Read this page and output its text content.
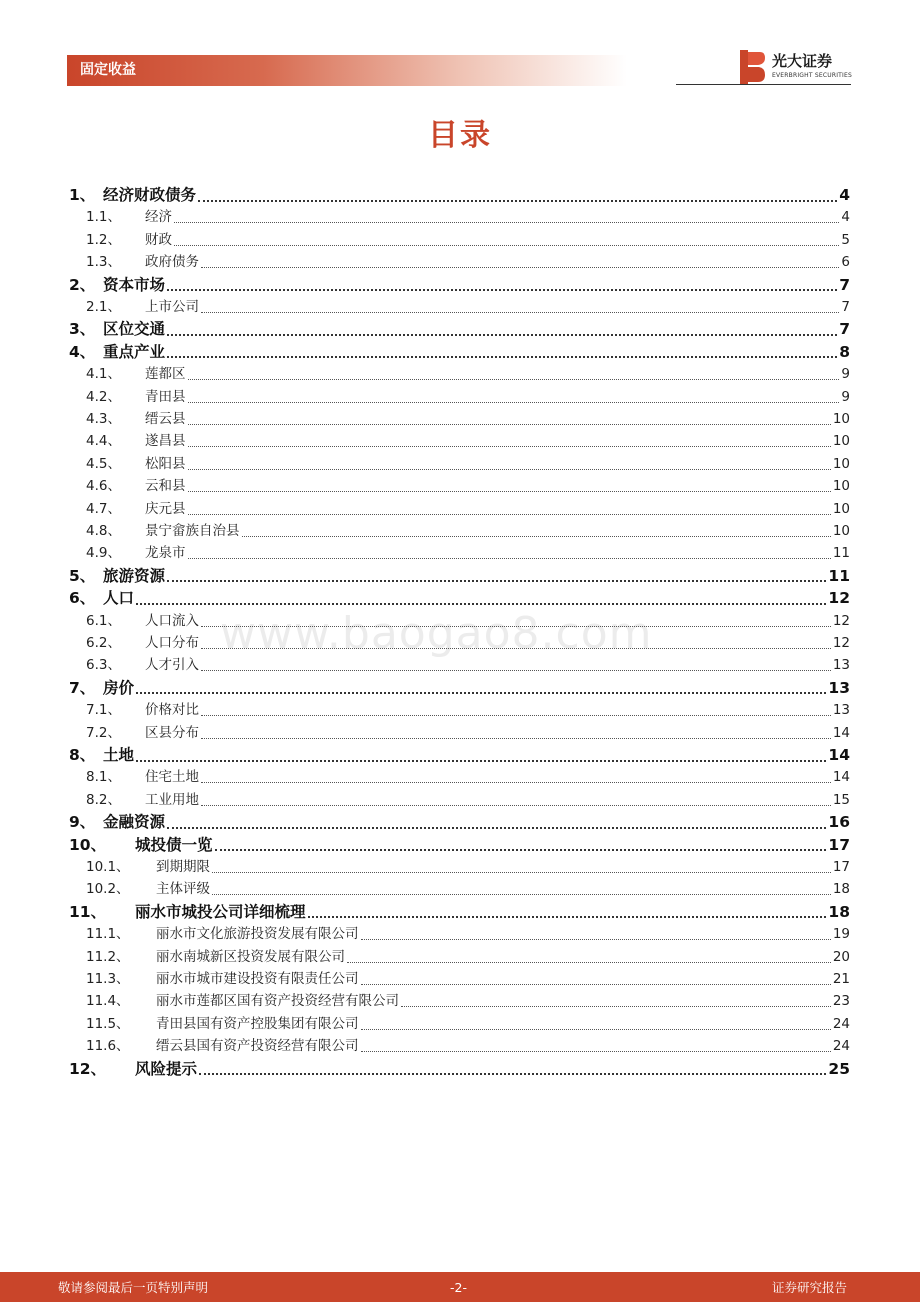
固定收益	光大证券
EVERBRIGHT SECURITIES
目录
www.baogao8.com
1、 经济财政债务	4
1.1、	经济	4
1.2、	财政	5
1.3、	政府债务	6
2、 资本市场	7
2.1、	上市公司	7
3、 区位交通	7
4、 重点产业	8
4.1、	莲都区	9
4.2、	青田县	9
4.3、	缙云县	10
4.4、	遂昌县	10
4.5、	松阳县	10
4.6、	云和县	10
4.7、	庆元县	10
4.8、	景宁畲族自治县	10
4.9、	龙泉市	11
5、 旅游资源	11
6、 人口	12
6.1、	人口流入	12
6.2、	人口分布	12
6.3、	人才引入	13
7、 房价	13
7.1、	价格对比	13
7.2、	区县分布	14
8、 土地	14
8.1、	住宅土地	14
8.2、	工业用地	15
9、 金融资源	16
10、	城投债一览	17
10.1、	到期期限	17
10.2、	主体评级	18
11、	丽水市城投公司详细梳理	18
11.1、	丽水市文化旅游投资发展有限公司	19
11.2、	丽水南城新区投资发展有限公司	20
11.3、	丽水市城市建设投资有限责任公司	21
11.4、	丽水市莲都区国有资产投资经营有限公司	23
11.5、	青田县国有资产控股集团有限公司	24
11.6、	缙云县国有资产投资经营有限公司	24
12、	风险提示	25
敬请参阅最后一页特别声明	-2-	证券研究报告
